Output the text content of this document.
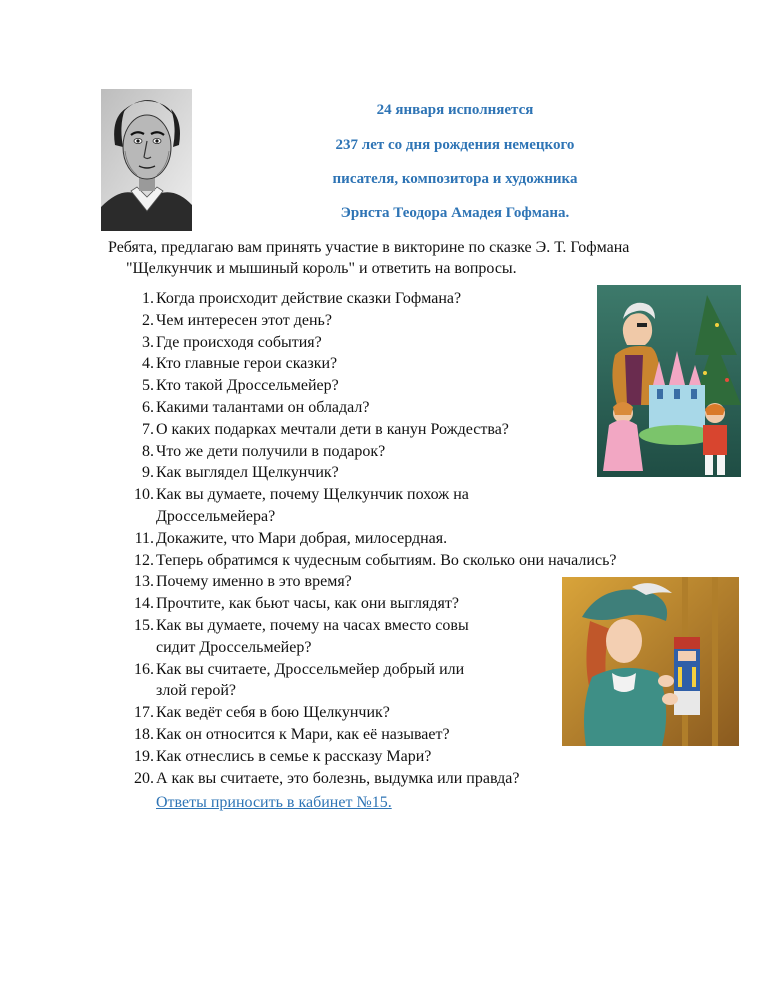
24 января исполняется

237 лет со дня рождения немецкого

писателя, композитора и художника

Эрнста Теодора Амадея Гофмана.

Ребята, предлагаю вам принять участие в викторине по сказке Э. Т. Гофмана
"Щелкунчик и мышиный король" и ответить на вопросы.

1. Когда происходит действие сказки Гофмана?
2. Чем интересен этот день?
3. Где происходя события?
4. Кто главные герои сказки?
5. Кто такой Дроссельмейер?
6. Какими талантами он обладал?
7. О каких подарках мечтали дети в канун Рождества?
8. Что же дети получили в подарок?
9. Как выглядел Щелкунчик?
10. Как вы думаете, почему Щелкунчик похож на
Дроссельмейера?
11. Докажите, что Мари добрая, милосердная.
12. Теперь обратимся к чудесным событиям. Во сколько они начались?
13. Почему именно в это время?
14. Прочтите, как бьют часы, как они выглядят?
15. Как вы думаете, почему на часах вместо совы
сидит Дроссельмейер?
16. Как вы считаете, Дроссельмейер добрый или
злой герой?
17. Как ведёт себя в бою Щелкунчик?
18. Как он относится к Мари, как её называет?
19. Как отнеслись в семье к рассказу Мари?
20. А как вы считаете, это болезнь, выдумка или правда?
Ответы приносить в кабинет №15.
